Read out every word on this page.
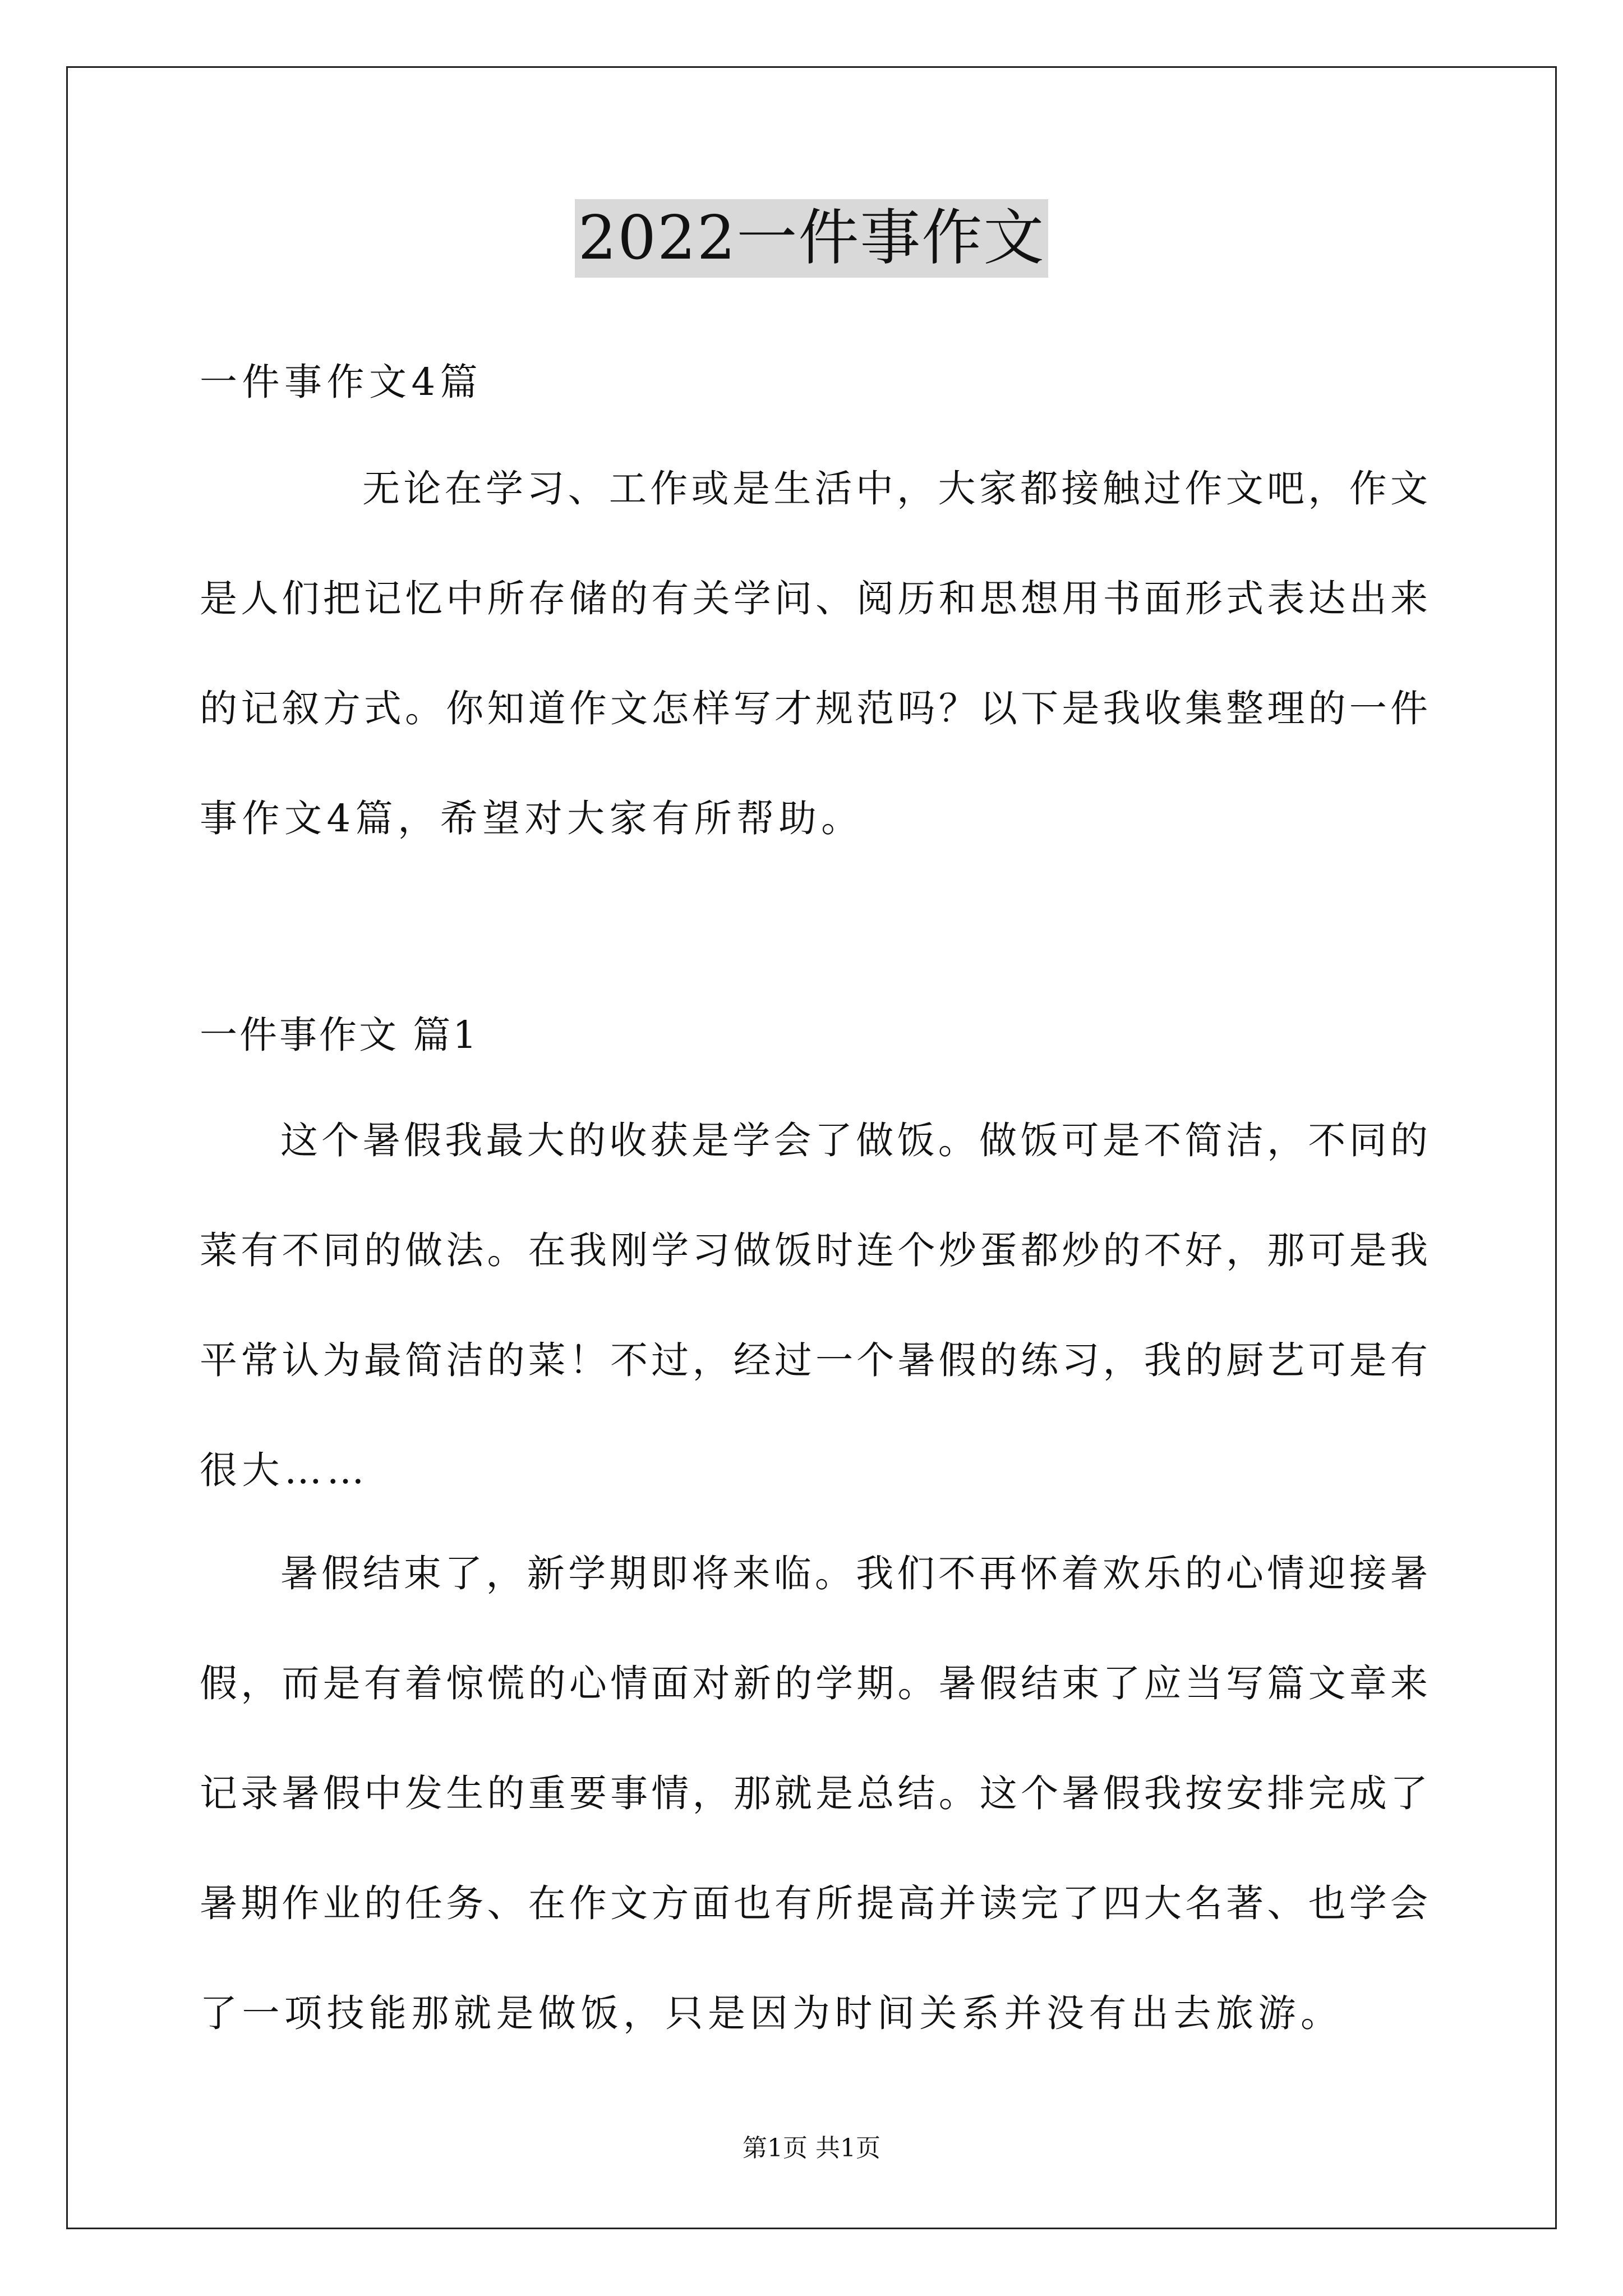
2022一件事作文
一件事作文4篇
无论在学习、工作或是生活中，大家都接触过作文吧，作文
是人们把记忆中所存储的有关学问、阅历和思想用书面形式表达出来
的记叙方式。你知道作文怎样写才规范吗？以下是我收集整理的一件
事作文4篇，希望对大家有所帮助。
一件事作文 篇1
这个暑假我最大的收获是学会了做饭。做饭可是不简洁，不同的
菜有不同的做法。在我刚学习做饭时连个炒蛋都炒的不好，那可是我
平常认为最简洁的菜！不过，经过一个暑假的练习，我的厨艺可是有
很大……
暑假结束了，新学期即将来临。我们不再怀着欢乐的心情迎接暑
假，而是有着惊慌的心情面对新的学期。暑假结束了应当写篇文章来
记录暑假中发生的重要事情，那就是总结。这个暑假我按安排完成了
暑期作业的任务、在作文方面也有所提高并读完了四大名著、也学会
了一项技能那就是做饭，只是因为时间关系并没有出去旅游。
第1页 共1页
